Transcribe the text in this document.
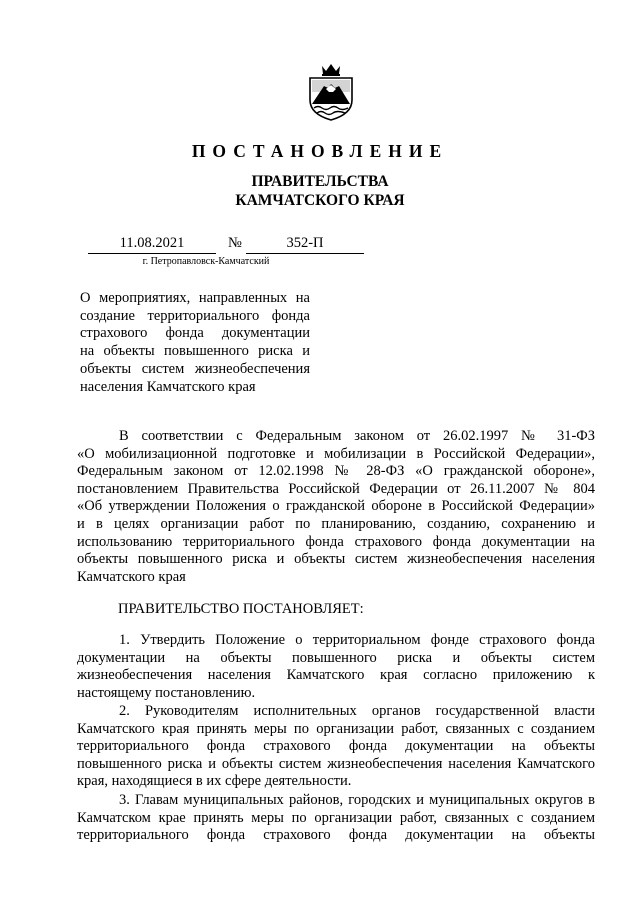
ПОСТАНОВЛЕНИЕ
ПРАВИТЕЛЬСТВА
КАМЧАТСКОГО КРАЯ
11.08.2021	№	352-П
г. Петропавловск-Камчатский
О мероприятиях, направленных на
создание территориального фонда
страхового фонда документации
на объекты повышенного риска и
объекты систем жизнеобеспечения
населения Камчатского края
В соответствии с Федеральным законом от 26.02.1997 № 31-ФЗ
«О мобилизационной подготовке и мобилизации в Российской Федерации»,
Федеральным законом от 12.02.1998 № 28-ФЗ «О гражданской обороне»,
постановлением Правительства Российской Федерации от 26.11.2007 № 804
«Об утверждении Положения о гражданской обороне в Российской Федерации»
и в целях организации работ по планированию, созданию, сохранению и
использованию территориального фонда страхового фонда документации на
объекты повышенного риска и объекты систем жизнеобеспечения населения
Камчатского края
ПРАВИТЕЛЬСТВО ПОСТАНОВЛЯЕТ:
1. Утвердить Положение о территориальном фонде страхового фонда
документации на объекты повышенного риска и объекты систем
жизнеобеспечения населения Камчатского края согласно приложению к
настоящему постановлению.
2. Руководителям исполнительных органов государственной власти
Камчатского края принять меры по организации работ, связанных с созданием
территориального фонда страхового фонда документации на объекты
повышенного риска и объекты систем жизнеобеспечения населения Камчатского
края, находящиеся в их сфере деятельности.
3. Главам муниципальных районов, городских и муниципальных округов в
Камчатском крае принять меры по организации работ, связанных с созданием
территориального фонда страхового фонда документации на объекты
